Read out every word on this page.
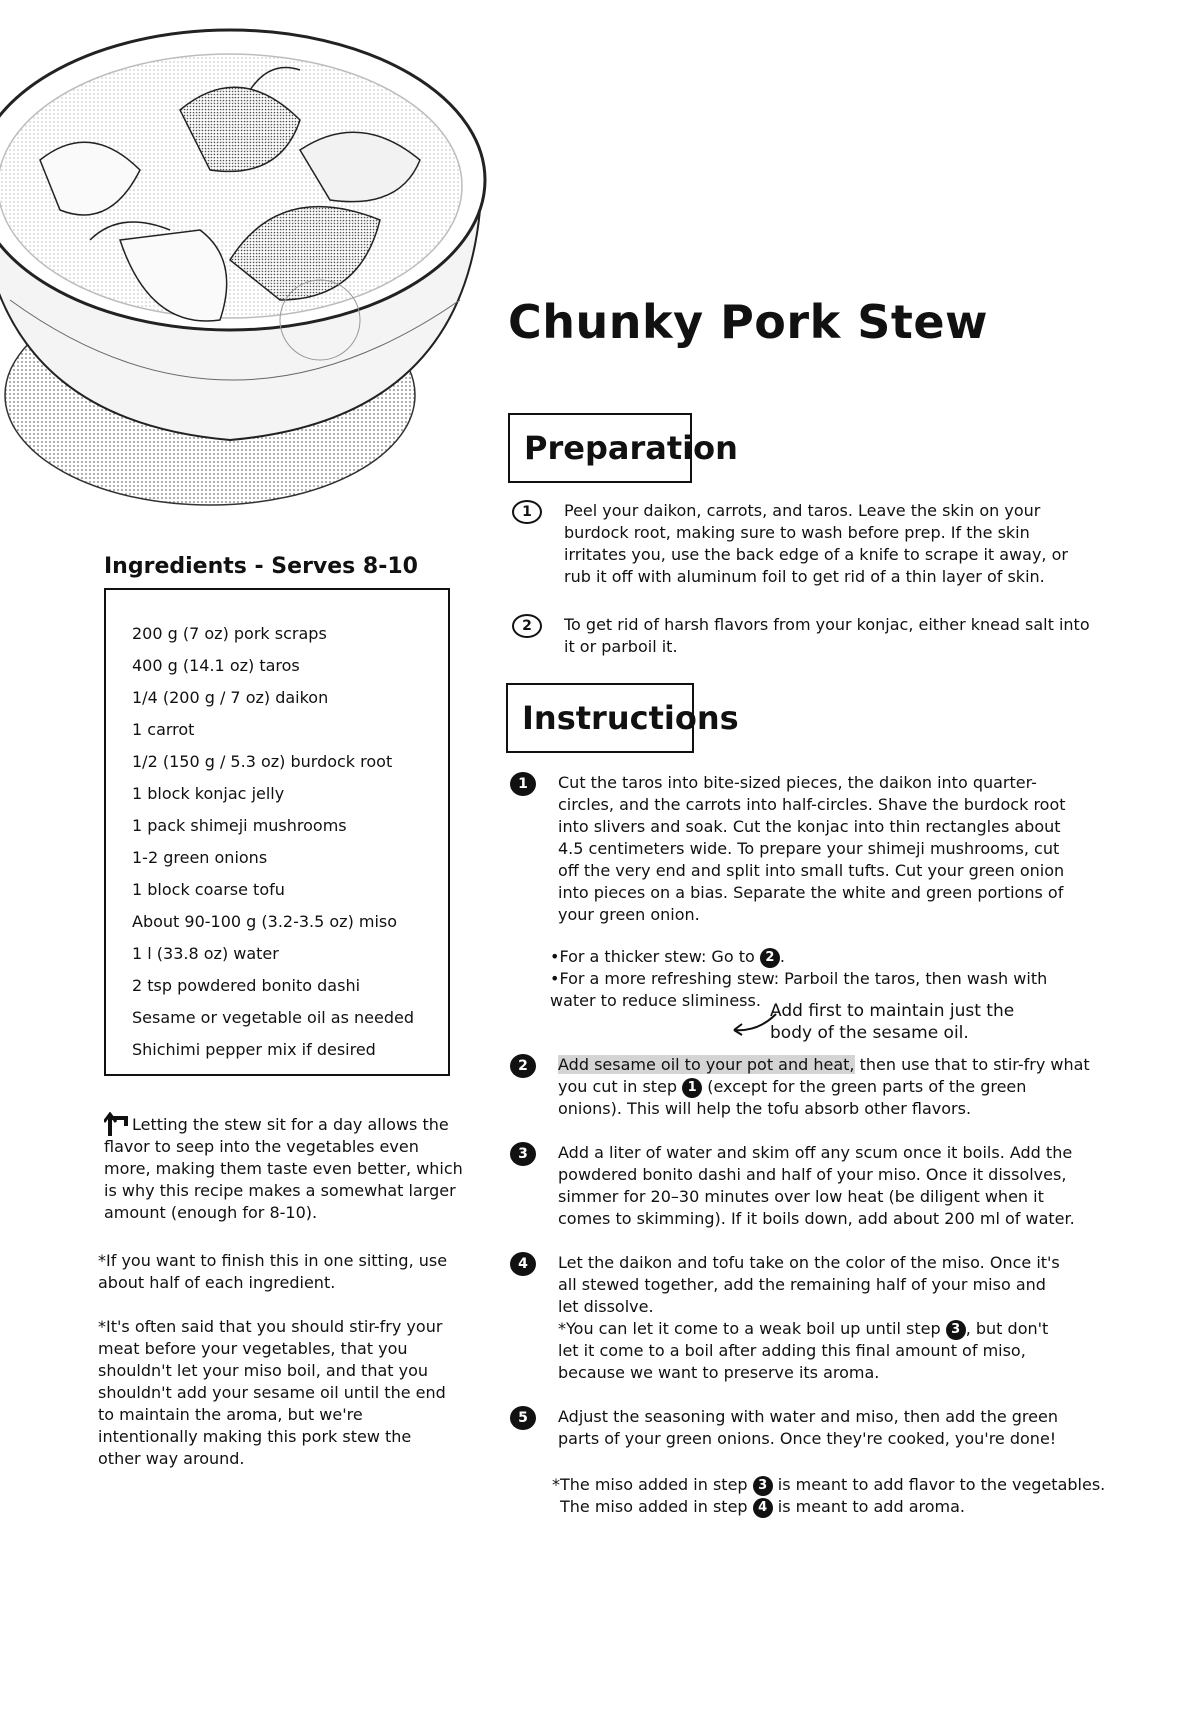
Chunky Pork Stew
Preparation
1	Peel your daikon, carrots, and taros. Leave the skin on your burdock root, making sure to wash before prep. If the skin irritates you, use the back edge of a knife to scrape it away, or rub it off with aluminum foil to get rid of a thin layer of skin.
2	To get rid of harsh flavors from your konjac, either knead salt into it or parboil it.
Instructions
1	Cut the taros into bite-sized pieces, the daikon into quarter-circles, and the carrots into half-circles. Shave the burdock root into slivers and soak. Cut the konjac into thin rectangles about 4.5 centimeters wide. To prepare your shimeji mushrooms, cut off the very end and split into small tufts. Cut your green onion into pieces on a bias. Separate the white and green portions of your green onion.
•For a thicker stew: Go to 2 .
•For a more refreshing stew: Parboil the taros, then wash with water to reduce sliminess.
Add first to maintain just the body of the sesame oil.
2	Add sesame oil to your pot and heat, then use that to stir-fry what you cut in step 1 (except for the green parts of the green onions). This will help the tofu absorb other flavors.
3	Add a liter of water and skim off any scum once it boils. Add the powdered bonito dashi and half of your miso. Once it dissolves, simmer for 20–30 minutes over low heat (be diligent when it comes to skimming). If it boils down, add about 200 ml of water.
4	Let the daikon and tofu take on the color of the miso. Once it's all stewed together, add the remaining half of your miso and let dissolve.
*You can let it come to a weak boil up until step 3 , but don't let it come to a boil after adding this final amount of miso, because we want to preserve its aroma.
5	Adjust the seasoning with water and miso, then add the green parts of your green onions. Once they're cooked, you're done!
*The miso added in step 3 is meant to add flavor to the vegetables.
The miso added in step 4 is meant to add aroma.
Ingredients - Serves 8-10
200 g (7 oz) pork scraps
400 g (14.1 oz) taros
1/4 (200 g / 7 oz) daikon
1 carrot
1/2 (150 g / 5.3 oz) burdock root
1 block konjac jelly
1 pack shimeji mushrooms
1-2 green onions
1 block coarse tofu
About 90-100 g (3.2-3.5 oz) miso
1 l (33.8 oz) water
2 tsp powdered bonito dashi
Sesame or vegetable oil as needed
Shichimi pepper mix if desired
Letting the stew sit for a day allows the flavor to seep into the vegetables even more, making them taste even better, which is why this recipe makes a somewhat larger amount (enough for 8-10).
*If you want to finish this in one sitting, use about half of each ingredient.
*It's often said that you should stir-fry your meat before your vegetables, that you shouldn't let your miso boil, and that you shouldn't add your sesame oil until the end to maintain the aroma, but we're intentionally making this pork stew the other way around.
